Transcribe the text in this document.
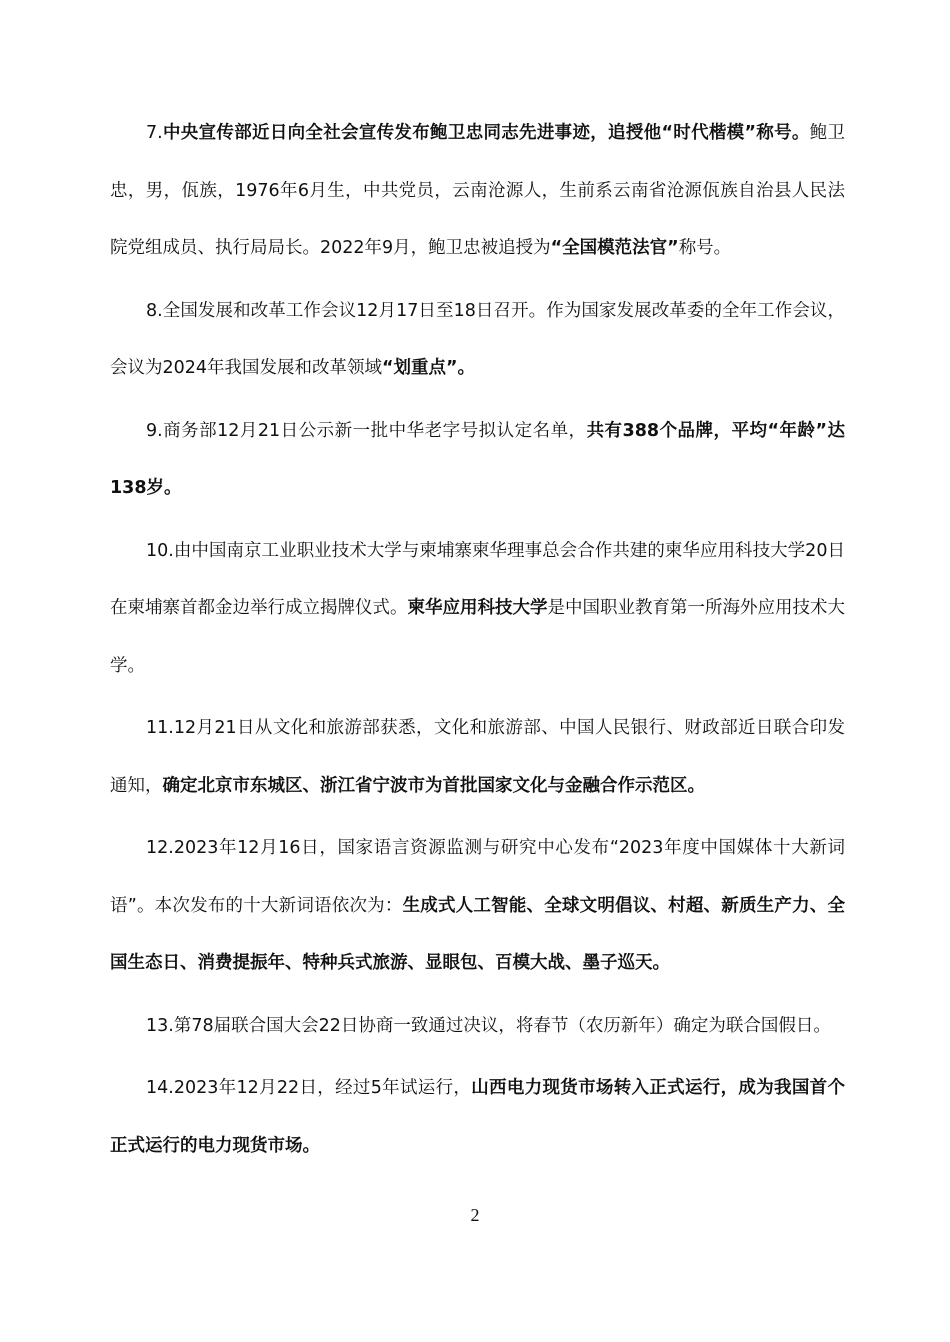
7.中央宣传部近日向全社会宣传发布鲍卫忠同志先进事迹，追授他“时代楷模”称号。鲍卫忠，男，佤族，1976年6月生，中共党员，云南沧源人，生前系云南省沧源佤族自治县人民法院党组成员、执行局局长。2022年9月，鲍卫忠被追授为“全国模范法官”称号。

8.全国发展和改革工作会议12月17日至18日召开。作为国家发展改革委的全年工作会议，会议为2024年我国发展和改革领域“划重点”。

9.商务部12月21日公示新一批中华老字号拟认定名单，共有388个品牌，平均“年龄”达138岁。

10.由中国南京工业职业技术大学与柬埔寨柬华理事总会合作共建的柬华应用科技大学20日在柬埔寨首都金边举行成立揭牌仪式。柬华应用科技大学是中国职业教育第一所海外应用技术大学。

11.12月21日从文化和旅游部获悉，文化和旅游部、中国人民银行、财政部近日联合印发通知，确定北京市东城区、浙江省宁波市为首批国家文化与金融合作示范区。

12.2023年12月16日，国家语言资源监测与研究中心发布“2023年度中国媒体十大新词语”。本次发布的十大新词语依次为：生成式人工智能、全球文明倡议、村超、新质生产力、全国生态日、消费提振年、特种兵式旅游、显眼包、百模大战、墨子巡天。

13.第78届联合国大会22日协商一致通过决议，将春节（农历新年）确定为联合国假日。

14.2023年12月22日，经过5年试运行，山西电力现货市场转入正式运行，成为我国首个正式运行的电力现货市场。

2
